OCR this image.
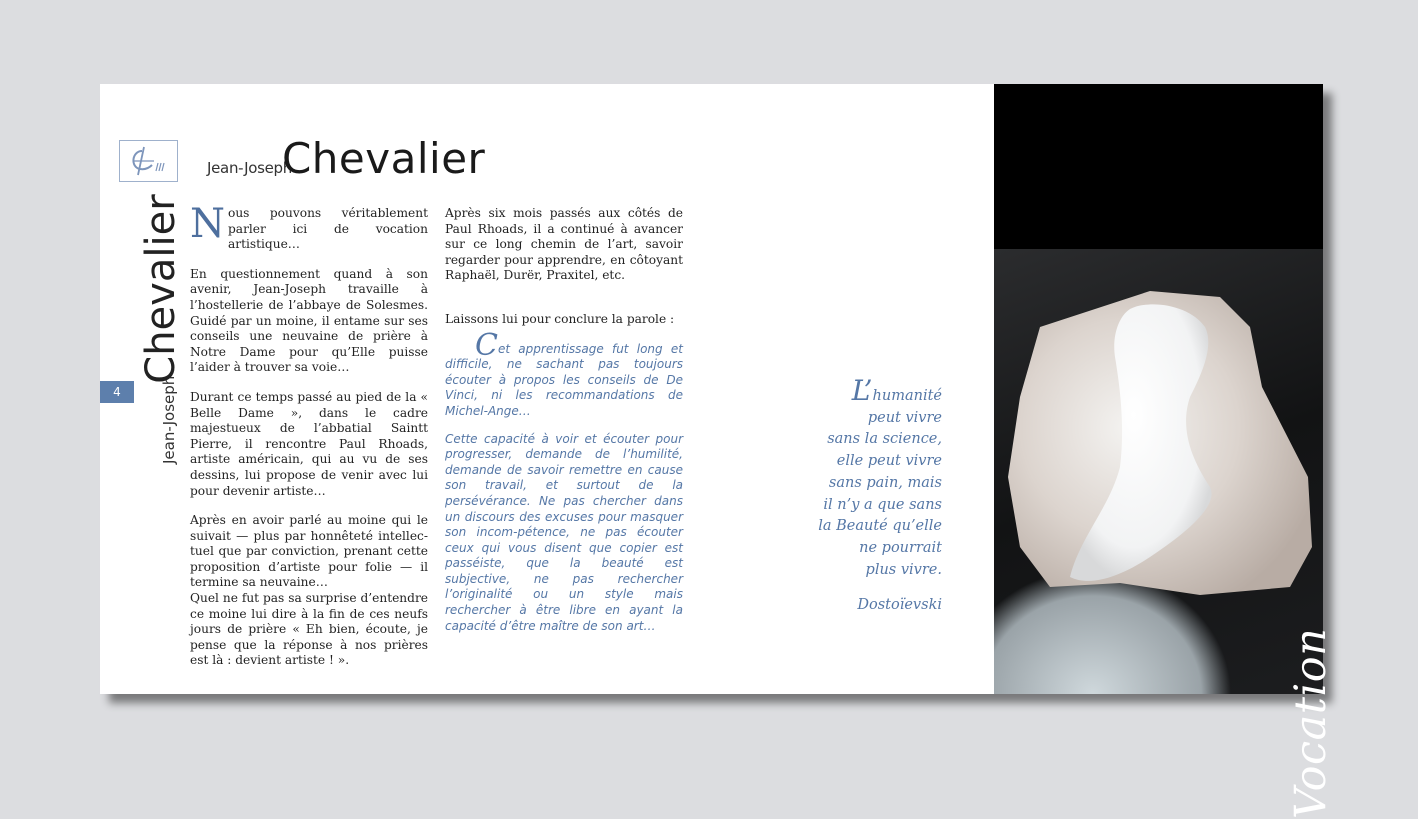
Jean-JosephChevalier
Jean-JosephChevalier
4

Nous pouvons véritablement parler ici de vocation artistique…

En questionnement quand à son avenir, Jean-Joseph travaille à l’hostellerie de l’abbaye de Solesmes. Guidé par un moine, il entame sur ses conseils une neuvaine de prière à Notre Dame pour qu’Elle puisse l’aider à trouver sa voie…

Durant ce temps passé au pied de la « Belle Dame », dans le cadre majestueux de l’abbatial Saintt Pierre, il rencontre Paul Rhoads, artiste américain, qui au vu de ses dessins, lui propose de venir avec lui pour devenir artiste…

Après en avoir parlé au moine qui le suivait — plus par honnêteté intellec-tuel que par conviction, prenant cette proposition d’artiste pour folie — il termine sa neuvaine…

Quel ne fut pas sa surprise d’entendre ce moine lui dire à la fin de ces neufs jours de prière « Eh bien, écoute, je pense que la réponse à nos prières est là : devient artiste ! ».

Après six mois passés aux côtés de Paul Rhoads, il a continué à avancer sur ce long chemin de l’art, savoir regarder pour apprendre, en côtoyant Raphaël, Durër, Praxitel, etc.

Laissons lui pour conclure la parole :

Cet apprentissage fut long et difficile, ne sachant pas toujours écouter à propos les conseils de De Vinci, ni les recommandations de Michel-Ange…

Cette capacité à voir et écouter pour progresser, demande de l’humilité, demande de savoir remettre en cause son travail, et surtout de la persévérance. Ne pas chercher dans un discours des excuses pour masquer son incom-pétence, ne pas écouter ceux qui vous disent que copier est passéiste, que la beauté est subjective, ne pas rechercher l’originalité ou un style mais rechercher à être libre en ayant la capacité d’être maître de son art…

L’humanité
peut vivre
sans la science,
elle peut vivre
sans pain, mais
il n’y a que sans
la Beauté qu’elle
ne pourrait
plus vivre.
Dostoïevski
Vocation
